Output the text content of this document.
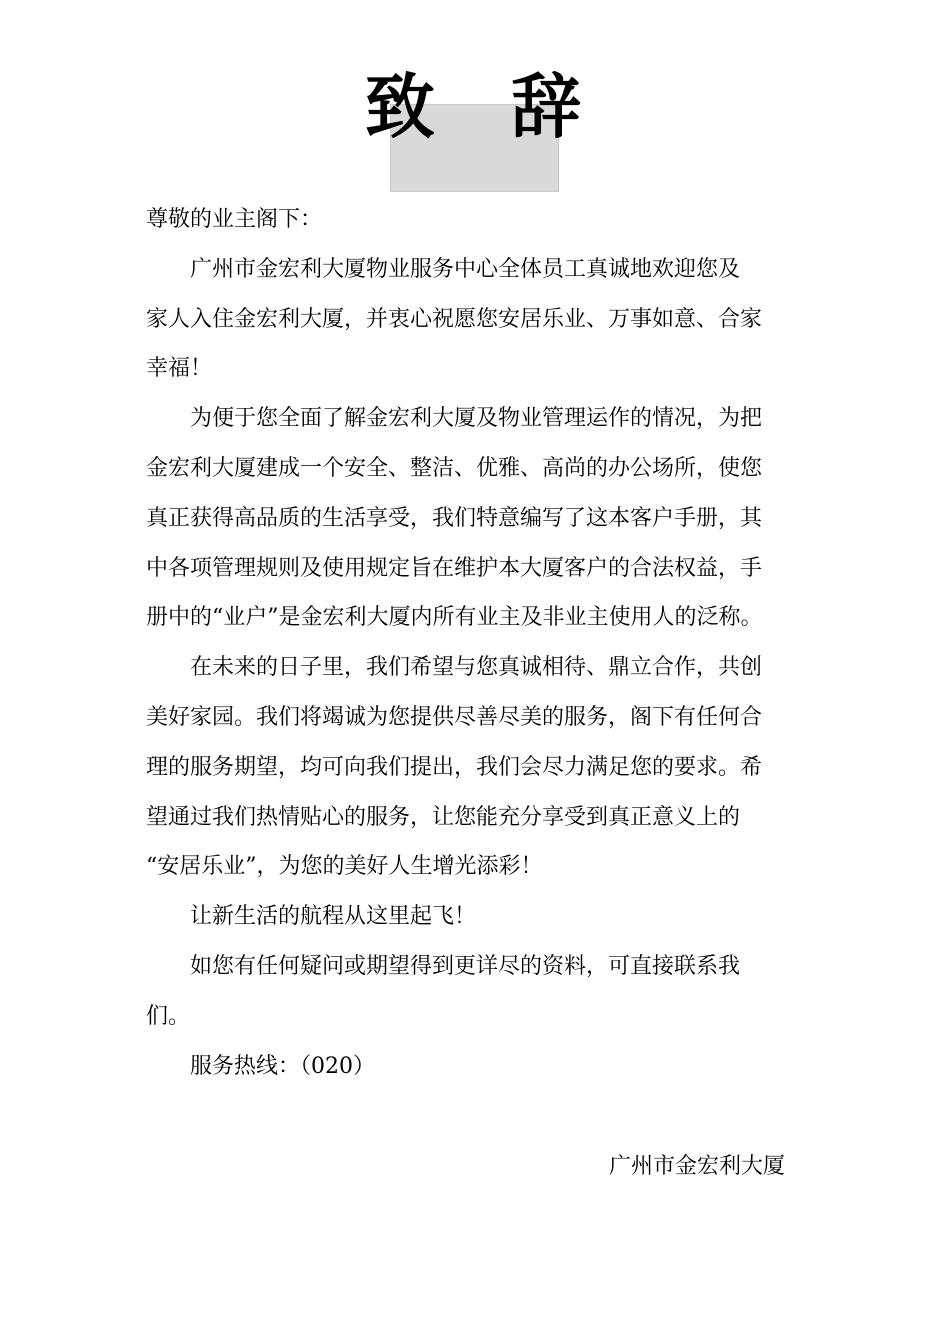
致 辞

尊敬的业主阁下：

广州市金宏利大厦物业服务中心全体员工真诚地欢迎您及

家人入住金宏利大厦，并衷心祝愿您安居乐业、万事如意、合家

幸福！

为便于您全面了解金宏利大厦及物业管理运作的情况，为把

金宏利大厦建成一个安全、整洁、优雅、高尚的办公场所，使您

真正获得高品质的生活享受，我们特意编写了这本客户手册，其

中各项管理规则及使用规定旨在维护本大厦客户的合法权益，手

册中的“业户”是金宏利大厦内所有业主及非业主使用人的泛称。

在未来的日子里，我们希望与您真诚相待、鼎立合作，共创

美好家园。我们将竭诚为您提供尽善尽美的服务，阁下有任何合

理的服务期望，均可向我们提出，我们会尽力满足您的要求。希

望通过我们热情贴心的服务，让您能充分享受到真正意义上的

“安居乐业”，为您的美好人生增光添彩！

让新生活的航程从这里起飞！

如您有任何疑问或期望得到更详尽的资料，可直接联系我

们。

服务热线：（020）

广州市金宏利大厦
